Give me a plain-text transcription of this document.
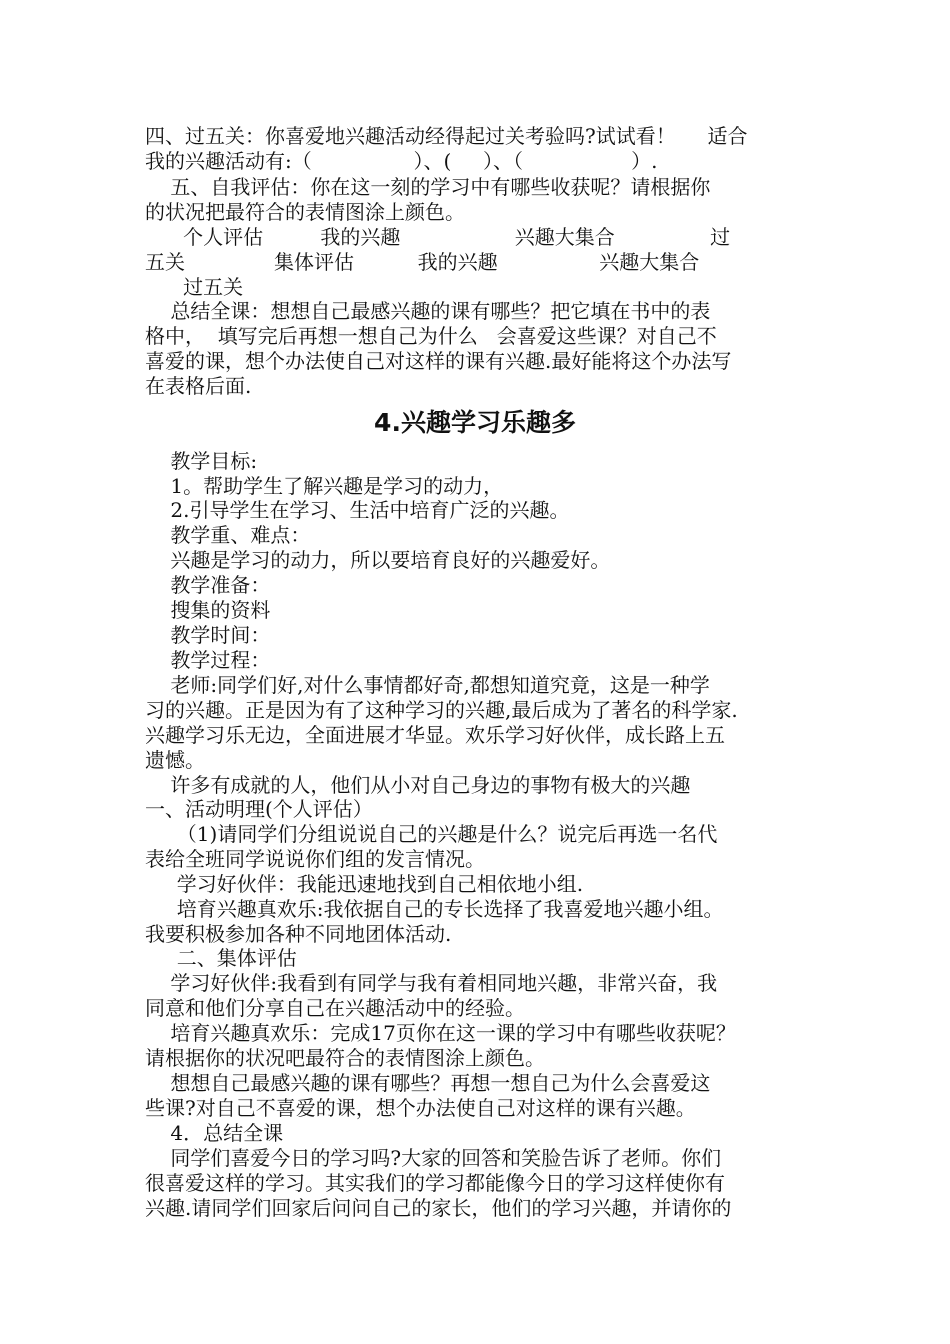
四、过五关：你喜爱地兴趣活动经得起过关考验吗?试试看！     适合

我的兴趣活动有:（                ）、(     ）、（                 ）.

五、自我评估：你在这一刻的学习中有哪些收获呢？请根据你

的状况把最符合的表情图涂上颜色。

个人评估         我的兴趣                  兴趣大集合               过

五关              集体评估          我的兴趣                兴趣大集合

过五关

总结全课：想想自己最感兴趣的课有哪些？把它填在书中的表

格中，  填写完后再想一想自己为什么   会喜爱这些课？对自己不

喜爱的课，想个办法使自己对这样的课有兴趣.最好能将这个办法写

在表格后面.

4.兴趣学习乐趣多

教学目标:

1。帮助学生了解兴趣是学习的动力，

2.引导学生在学习、生活中培育广泛的兴趣。

教学重、难点：

兴趣是学习的动力，所以要培育良好的兴趣爱好。

教学准备：

搜集的资料

教学时间：

教学过程：

老师:同学们好,对什么事情都好奇,都想知道究竟，这是一种学

习的兴趣。正是因为有了这种学习的兴趣,最后成为了著名的科学家.

兴趣学习乐无边，全面进展才华显。欢乐学习好伙伴，成长路上五

遗憾。

许多有成就的人，他们从小对自己身边的事物有极大的兴趣

一、活动明理(个人评估）

（1)请同学们分组说说自己的兴趣是什么？说完后再选一名代

表给全班同学说说你们组的发言情况。

学习好伙伴：我能迅速地找到自己相依地小组.

培育兴趣真欢乐:我依据自己的专长选择了我喜爱地兴趣小组。

我要积极参加各种不同地团体活动.

二、集体评估

学习好伙伴:我看到有同学与我有着相同地兴趣，非常兴奋，我

同意和他们分享自己在兴趣活动中的经验。

培育兴趣真欢乐：完成17页你在这一课的学习中有哪些收获呢？

请根据你的状况吧最符合的表情图涂上颜色。

想想自己最感兴趣的课有哪些？再想一想自己为什么会喜爱这

些课?对自己不喜爱的课，想个办法使自己对这样的课有兴趣。

4．总结全课

同学们喜爱今日的学习吗?大家的回答和笑脸告诉了老师。你们

很喜爱这样的学习。其实我们的学习都能像今日的学习这样使你有

兴趣.请同学们回家后问问自己的家长，他们的学习兴趣，并请你的
